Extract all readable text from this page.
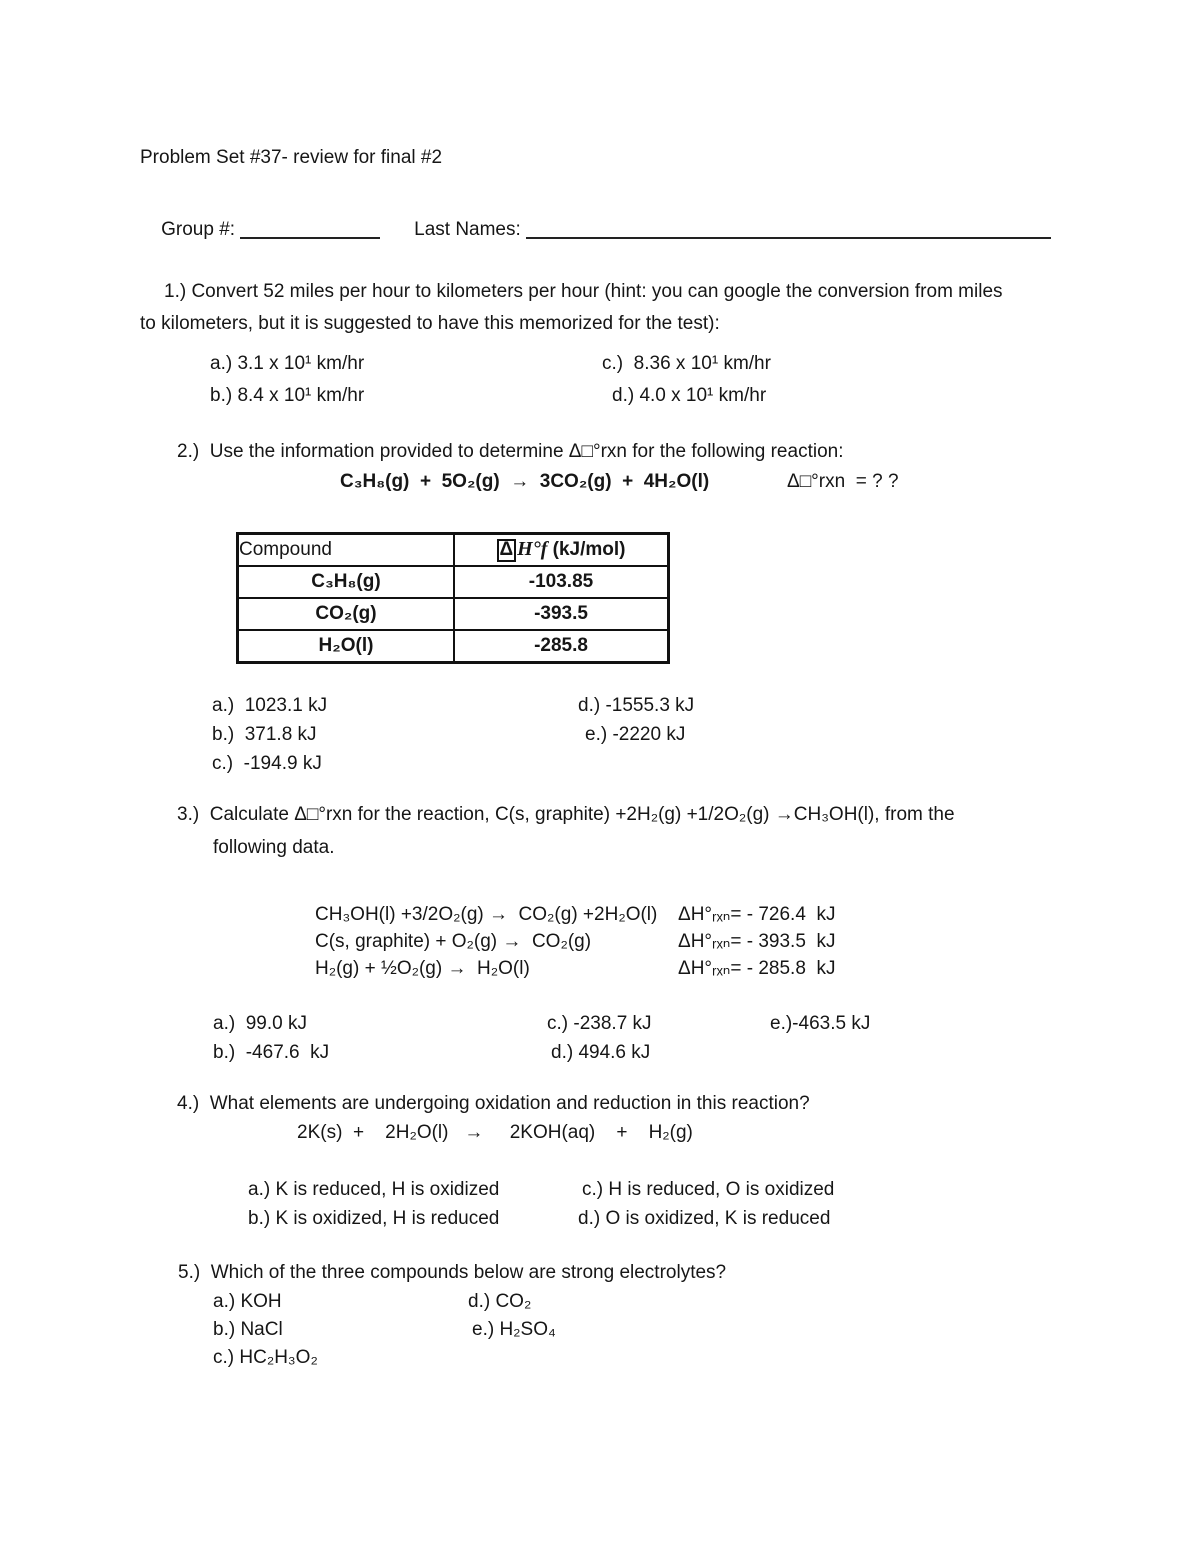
Problem Set #37- review for final #2

Group #:
	Last Names:

1.) Convert 52 miles per hour to kilometers per hour (hint: you can google the conversion from miles
to kilometers, but it is suggested to have this memorized for the test):
a.) 3.1 x 10¹ km/hr	c.)  8.36 x 10¹ km/hr
b.) 8.4 x 10¹ km/hr	d.) 4.0 x 10¹ km/hr
2.)  Use the information provided to determine Δ□°rxn for the following reaction:
C₃H₈(g)  +  5O₂(g)  →  3CO₂(g)  +  4H₂O(l)	Δ□°rxn  = ? ?
Compound	Δ H°f (kJ/mol)
C₃H₈(g)	-103.85
CO₂(g)	-393.5
H₂O(l)	-285.8
a.)  1023.1 kJ	d.) -1555.3 kJ
b.)  371.8 kJ	e.) -2220 kJ
c.)  -194.9 kJ
3.)  Calculate Δ□°rxn for the reaction, C(s, graphite) +2H₂(g) +1/2O₂(g) →CH₃OH(l), from the
following data.
CH₃OH(l) +3/2O₂(g) →  CO₂(g) +2H₂O(l) ΔH°ᵣₓₙ= - 726.4  kJ
C(s, graphite) + O₂(g) →  CO₂(g)	ΔH°ᵣₓₙ= - 393.5  kJ
H₂(g) + ½O₂(g) →  H₂O(l)	ΔH°ᵣₓₙ= - 285.8  kJ
a.)  99.0 kJ	c.) -238.7 kJ	e.)-463.5 kJ
b.)  -467.6  kJ	d.) 494.6 kJ
4.)  What elements are undergoing oxidation and reduction in this reaction?
2K(s)  +    2H₂O(l)   →     2KOH(aq)    +    H₂(g)
a.) K is reduced, H is oxidized	c.) H is reduced, O is oxidized
b.) K is oxidized, H is reduced	d.) O is oxidized, K is reduced
5.)  Which of the three compounds below are strong electrolytes?
a.) KOH	d.) CO₂
b.) NaCl	e.) H₂SO₄
c.) HC₂H₃O₂
